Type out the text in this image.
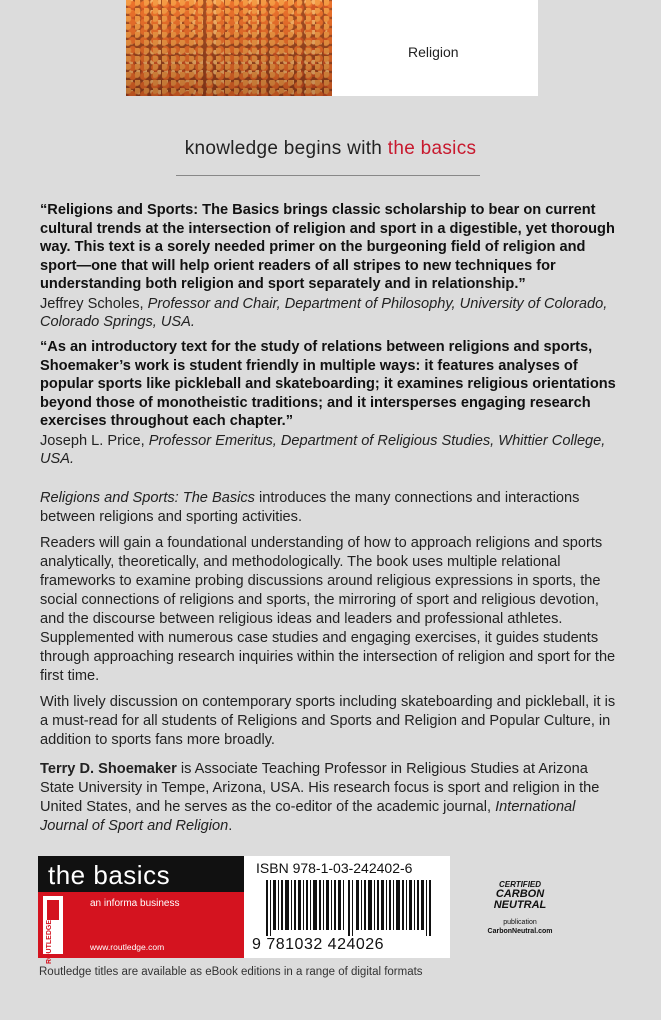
Religion
knowledge begins with the basics

“Religions and Sports: The Basics brings classic scholarship to bear on current cultural trends at the intersection of religion and sport in a digestible, yet thorough way. This text is a sorely needed primer on the burgeoning field of religion and sport—one that will help orient readers of all stripes to new techniques for understanding both religion and sport separately and in relationship.”

Jeffrey Scholes, Professor and Chair, Department of Philosophy, University of Colorado, Colorado Springs, USA.

“As an introductory text for the study of relations between religions and sports, Shoemaker’s work is student friendly in multiple ways: it features analyses of popular sports like pickleball and skateboarding; it examines religious orientations beyond those of monotheistic traditions; and it intersperses engaging research exercises throughout each chapter.”

Joseph L. Price, Professor Emeritus, Department of Religious Studies, Whittier College, USA.

Religions and Sports: The Basics introduces the many connections and interactions between religions and sporting activities.

Readers will gain a foundational understanding of how to approach religions and sports analytically, theoretically, and methodologically. The book uses multiple relational frameworks to examine probing discussions around religious expressions in sports, the social connections of religions and sports, the mirroring of sport and religious devotion, and the discourse between religious ideas and leaders and professional athletes. Supplemented with numerous case studies and engaging exercises, it guides students through approaching research inquiries within the intersection of religion and sport for the first time.

With lively discussion on contemporary sports including skateboarding and pickleball, it is a must-read for all students of Religions and Sports and Religion and Popular Culture, in addition to sports fans more broadly.

Terry D. Shoemaker is Associate Teaching Professor in Religious Studies at Arizona State University in Tempe, Arizona, USA. His research focus is sport and religion in the United States, and he serves as the co-editor of the academic journal, International Journal of Sport and Religion.

the basics
ROUTLEDGE
an informa business
www.routledge.com
ISBN 978-1-03-242402-6
9 781032 424026
CERTIFIED
CARBON NEUTRAL
publication
CarbonNeutral.com
Routledge titles are available as eBook editions in a range of digital formats
